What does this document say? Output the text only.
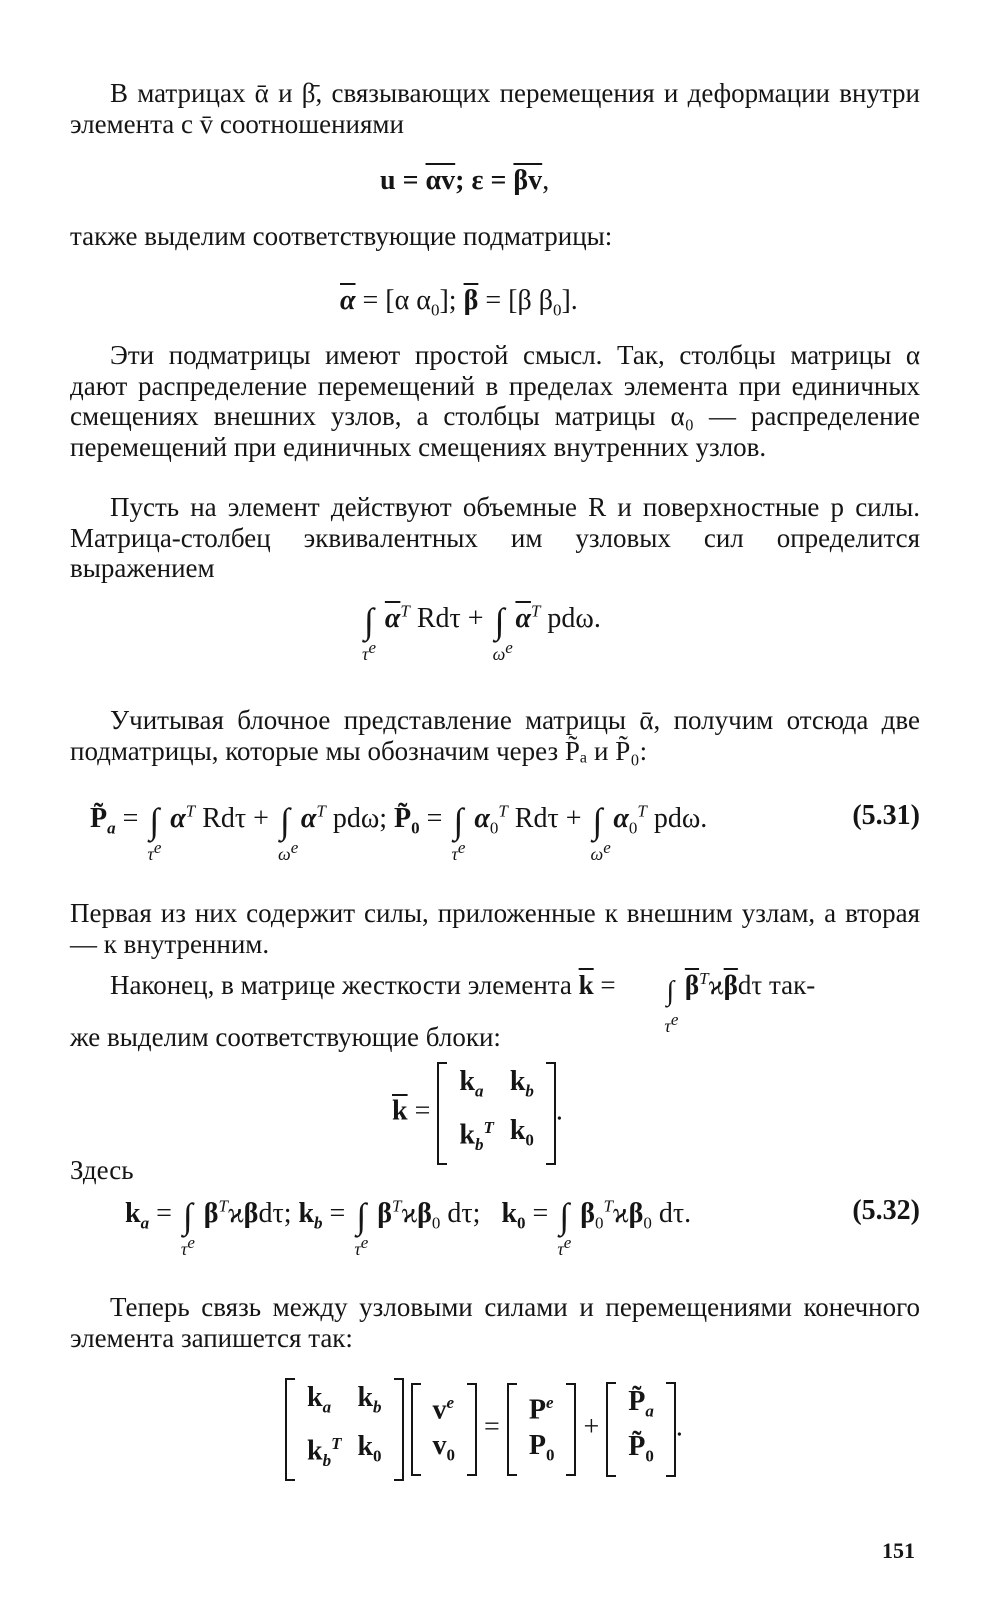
В матрицах ᾱ и β̄, связывающих перемещения и деформации внутри элемента с v̄ соотношениями

$u = \overline{\alpha v}$; $\varepsilon = \overline{\beta v}$,

также выделим соответствующие подматрицы:

$\overline{\alpha} = [\alpha$ $\alpha_0$]; $\overline{\beta} = [\beta$ $\beta_0$].

Эти подматрицы имеют простой смысл. Так, столбцы матрицы α дают распределение перемещений в пределах элемента при единичных смещениях внешних узлов, а столбцы матрицы α₀ — распределение перемещений при единичных смещениях внутренних узлов.

Пусть на элемент действуют объемные R и поверхностные p силы. Матрица-столбец эквивалентных им узловых сил определится выражением

∫
$\tau^e$
$\overline{\alpha}^T$ Rdτ + ∫
$\omega^e$
$\overline{\alpha}^T$ pdω.

Учитывая блочное представление матрицы ᾱ, получим отсюда две подматрицы, которые мы обозначим через P̃ₐ и P̃₀:

$P̃_a$ = ∫
$\tau^e$
$\alpha^T$ Rdτ + ∫
$\omega^e$
$\alpha^T$ pdω; $P̃_0$ = ∫
$\tau^e$
$\alpha_0^T$ Rdτ + ∫
$\omega^e$
$\alpha_0^T$ pdω.	(5.31)

Первая из них содержит силы, приложенные к внешним узлам, а вторая — к внутренним.

Наконец, в матрице жесткости элемента $\overline{k}$ = ∫
$\tau^e$
$\overline{\beta}^Tϰ\overline{\beta}d\tau$ так-

же выделим соответствующие блоки:

$\overline{k}$ =
$k_a$	$k_b$
$k_b^T$	$k_0$
.

Здесь

$k_a$ = ∫
$\tau^e$
$\beta^Tϰ\beta d\tau$; $k_b$ = ∫
$\tau^e$
$\beta^Tϰ\beta_0$ dτ;   $k_0$ = ∫
$\tau^e$
$\beta_0^Tϰ\beta_0$ dτ.	(5.32)

Теперь связь между узловыми силами и перемещениями конечного элемента запишется так:

$k_a$	$k_b$
$k_b^T$	$k_0$

$v^e$
$v_0$
=
$P^e$
$P_0$
+
$P̃_a$
$P̃_0$
.
151
